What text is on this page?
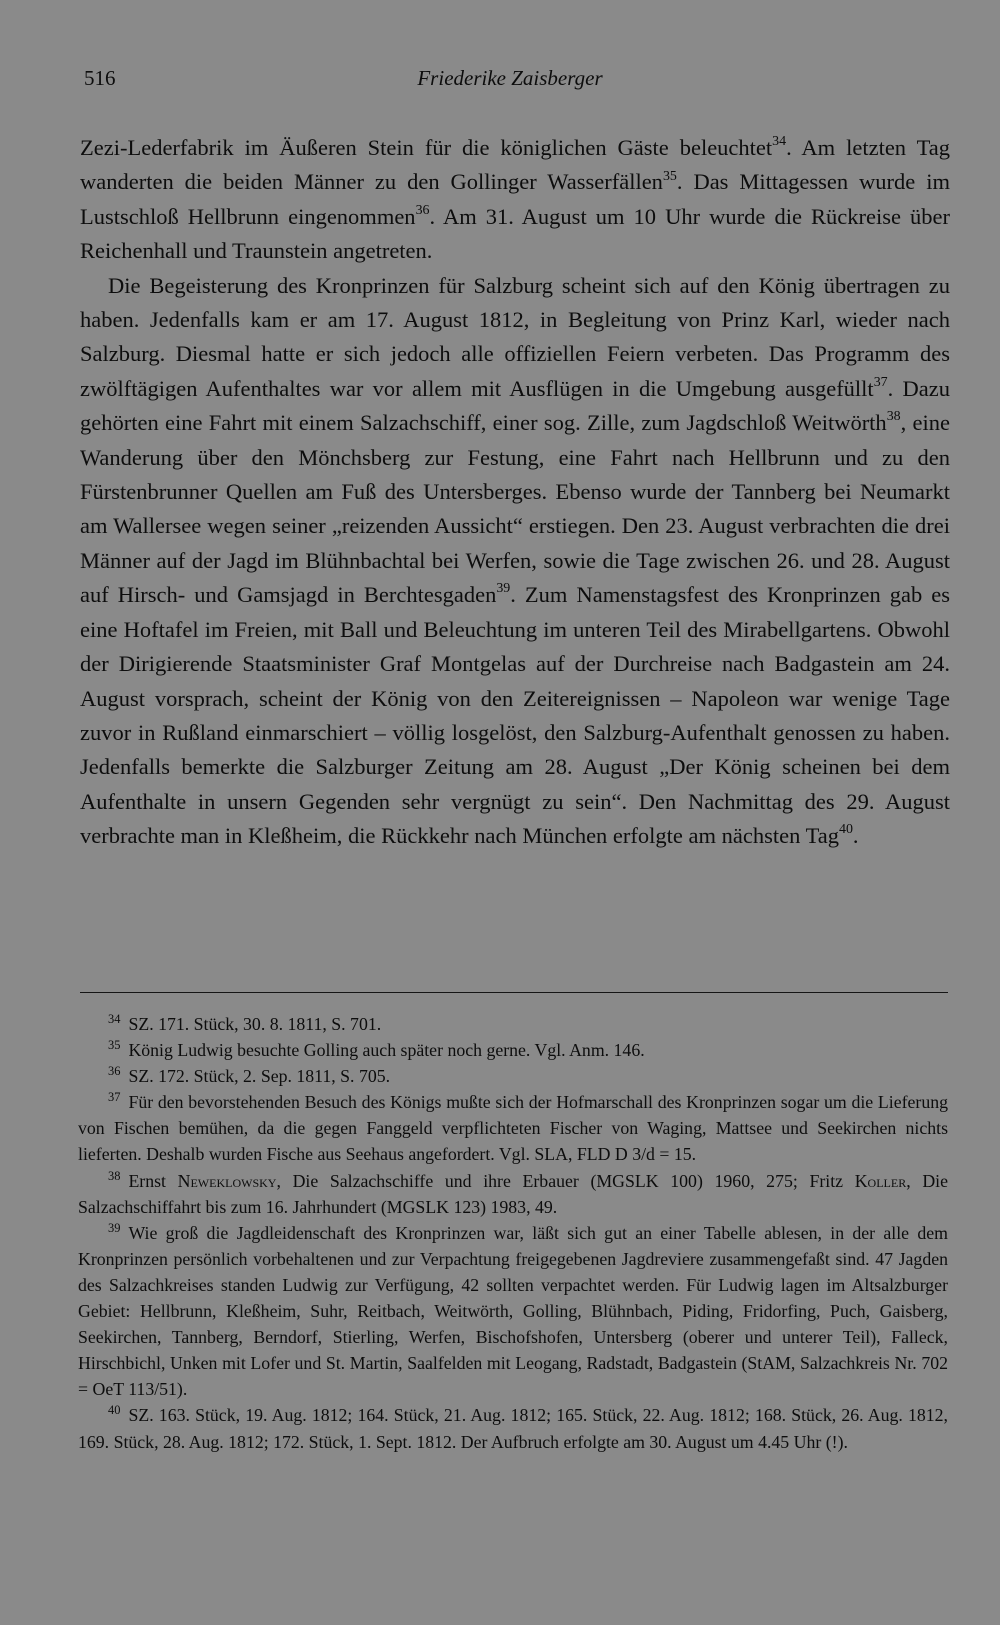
516	Friederike Zaisberger

Zezi-Lederfabrik im Äußeren Stein für die königlichen Gäste beleuchtet$^{34}$. Am letzten Tag wanderten die beiden Männer zu den Gollinger Wasserfällen$^{35}$. Das Mittagessen wurde im Lustschloß Hellbrunn eingenommen$^{36}$. Am 31. August um 10 Uhr wurde die Rückreise über Reichenhall und Traunstein angetreten.

Die Begeisterung des Kronprinzen für Salzburg scheint sich auf den König übertragen zu haben. Jedenfalls kam er am 17. August 1812, in Begleitung von Prinz Karl, wieder nach Salzburg. Diesmal hatte er sich jedoch alle offiziellen Feiern verbeten. Das Programm des zwölftägigen Aufenthaltes war vor allem mit Ausflügen in die Umgebung ausgefüllt$^{37}$. Dazu gehörten eine Fahrt mit einem Salzachschiff, einer sog. Zille, zum Jagdschloß Weitwörth$^{38}$, eine Wanderung über den Mönchsberg zur Festung, eine Fahrt nach Hellbrunn und zu den Fürstenbrunner Quellen am Fuß des Untersberges. Ebenso wurde der Tannberg bei Neumarkt am Wallersee wegen seiner „reizenden Aussicht“ erstiegen. Den 23. August verbrachten die drei Männer auf der Jagd im Blühnbachtal bei Werfen, sowie die Tage zwischen 26. und 28. August auf Hirsch- und Gamsjagd in Berchtesgaden$^{39}$. Zum Namenstagsfest des Kronprinzen gab es eine Hoftafel im Freien, mit Ball und Beleuchtung im unteren Teil des Mirabellgartens. Obwohl der Dirigierende Staatsminister Graf Montgelas auf der Durchreise nach Badgastein am 24. August vorsprach, scheint der König von den Zeitereignissen – Napoleon war wenige Tage zuvor in Rußland einmarschiert – völlig losgelöst, den Salzburg-Aufenthalt genossen zu haben. Jedenfalls bemerkte die Salzburger Zeitung am 28. August „Der König scheinen bei dem Aufenthalte in unsern Gegenden sehr vergnügt zu sein“. Den Nachmittag des 29. August verbrachte man in Kleßheim, die Rückkehr nach München erfolgte am nächsten Tag$^{40}$.

$^{34}$ SZ. 171. Stück, 30. 8. 1811, S. 701.

$^{35}$ König Ludwig besuchte Golling auch später noch gerne. Vgl. Anm. 146.

$^{36}$ SZ. 172. Stück, 2. Sep. 1811, S. 705.

$^{37}$ Für den bevorstehenden Besuch des Königs mußte sich der Hofmarschall des Kronprinzen sogar um die Lieferung von Fischen bemühen, da die gegen Fanggeld verpflichteten Fischer von Waging, Mattsee und Seekirchen nichts lieferten. Deshalb wurden Fische aus Seehaus angefordert. Vgl. SLA, FLD D 3/d = 15.

$^{38}$ Ernst Neweklowsky, Die Salzachschiffe und ihre Erbauer (MGSLK 100) 1960, 275; Fritz Koller, Die Salzachschiffahrt bis zum 16. Jahrhundert (MGSLK 123) 1983, 49.

$^{39}$ Wie groß die Jagdleidenschaft des Kronprinzen war, läßt sich gut an einer Tabelle ablesen, in der alle dem Kronprinzen persönlich vorbehaltenen und zur Verpachtung freigegebenen Jagdreviere zusammengefaßt sind. 47 Jagden des Salzachkreises standen Ludwig zur Verfügung, 42 sollten verpachtet werden. Für Ludwig lagen im Altsalzburger Gebiet: Hellbrunn, Kleßheim, Suhr, Reitbach, Weitwörth, Golling, Blühnbach, Piding, Fridorfing, Puch, Gaisberg, Seekirchen, Tannberg, Berndorf, Stierling, Werfen, Bischofshofen, Untersberg (oberer und unterer Teil), Falleck, Hirschbichl, Unken mit Lofer und St. Martin, Saalfelden mit Leogang, Radstadt, Badgastein (StAM, Salzachkreis Nr. 702 = OeT 113/51).

$^{40}$ SZ. 163. Stück, 19. Aug. 1812; 164. Stück, 21. Aug. 1812; 165. Stück, 22. Aug. 1812; 168. Stück, 26. Aug. 1812, 169. Stück, 28. Aug. 1812; 172. Stück, 1. Sept. 1812. Der Aufbruch erfolgte am 30. August um 4.45 Uhr (!).
